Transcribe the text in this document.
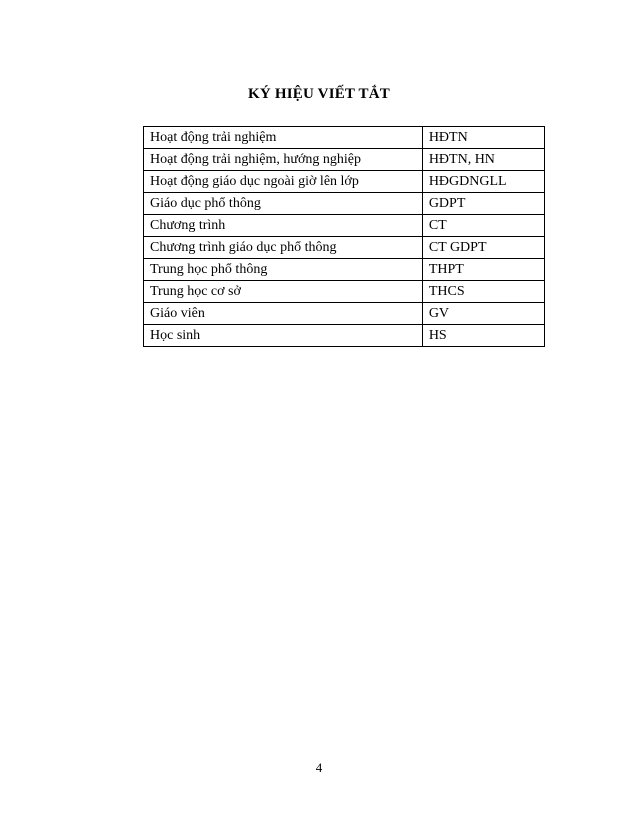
KÝ HIỆU VIẾT TẮT
Hoạt động trải nghiệm	HĐTN
Hoạt động trải nghiệm, hướng nghiệp	HĐTN, HN
Hoạt động giáo dục ngoài giờ lên lớp	HĐGDNGLL
Giáo dục phổ thông	GDPT
Chương trình	CT
Chương trình giáo dục phổ thông	CT GDPT
Trung học phổ thông	THPT
Trung học cơ sở	THCS
Giáo viên	GV
Học sinh	HS
4
